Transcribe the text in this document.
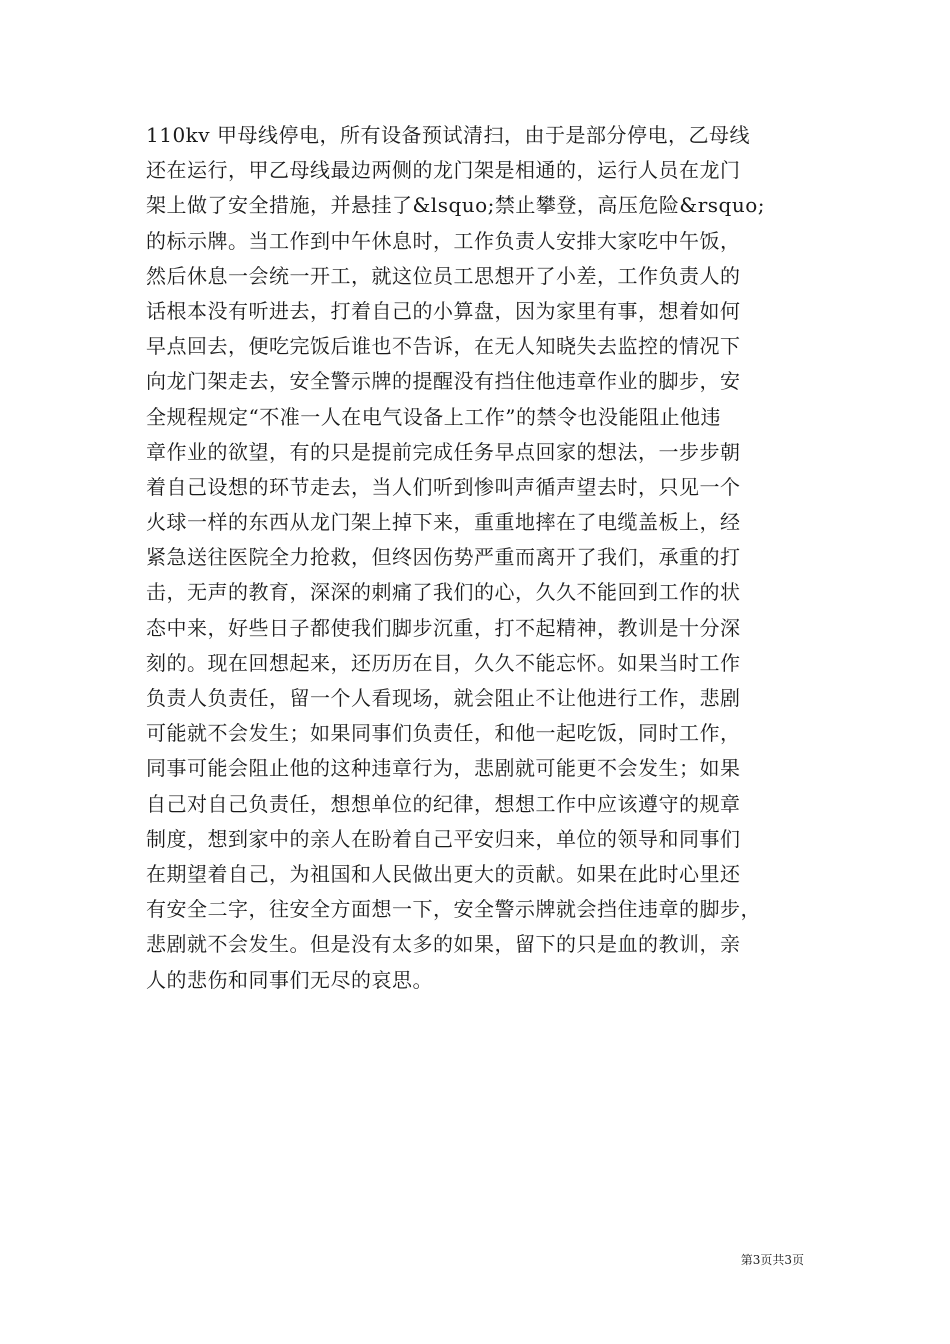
110kv 甲母线停电，所有设备预试清扫，由于是部分停电，乙母线
还在运行，甲乙母线最边两侧的龙门架是相通的，运行人员在龙门
架上做了安全措施，并悬挂了&lsquo;禁止攀登，高压危险&rsquo;
的标示牌。当工作到中午休息时，工作负责人安排大家吃中午饭，
然后休息一会统一开工，就这位员工思想开了小差，工作负责人的
话根本没有听进去，打着自己的小算盘，因为家里有事，想着如何
早点回去，便吃完饭后谁也不告诉，在无人知晓失去监控的情况下
向龙门架走去，安全警示牌的提醒没有挡住他违章作业的脚步，安
全规程规定“不准一人在电气设备上工作”的禁令也没能阻止他违
章作业的欲望，有的只是提前完成任务早点回家的想法，一步步朝
着自己设想的环节走去，当人们听到惨叫声循声望去时，只见一个
火球一样的东西从龙门架上掉下来，重重地摔在了电缆盖板上，经
紧急送往医院全力抢救，但终因伤势严重而离开了我们，承重的打
击，无声的教育，深深的刺痛了我们的心，久久不能回到工作的状
态中来，好些日子都使我们脚步沉重，打不起精神，教训是十分深
刻的。现在回想起来，还历历在目，久久不能忘怀。如果当时工作
负责人负责任，留一个人看现场，就会阻止不让他进行工作，悲剧
可能就不会发生；如果同事们负责任，和他一起吃饭，同时工作，
同事可能会阻止他的这种违章行为，悲剧就可能更不会发生；如果
自己对自己负责任，想想单位的纪律，想想工作中应该遵守的规章
制度，想到家中的亲人在盼着自己平安归来，单位的领导和同事们
在期望着自己，为祖国和人民做出更大的贡献。如果在此时心里还
有安全二字，往安全方面想一下，安全警示牌就会挡住违章的脚步，
悲剧就不会发生。但是没有太多的如果，留下的只是血的教训，亲
人的悲伤和同事们无尽的哀思。
第3页共3页
